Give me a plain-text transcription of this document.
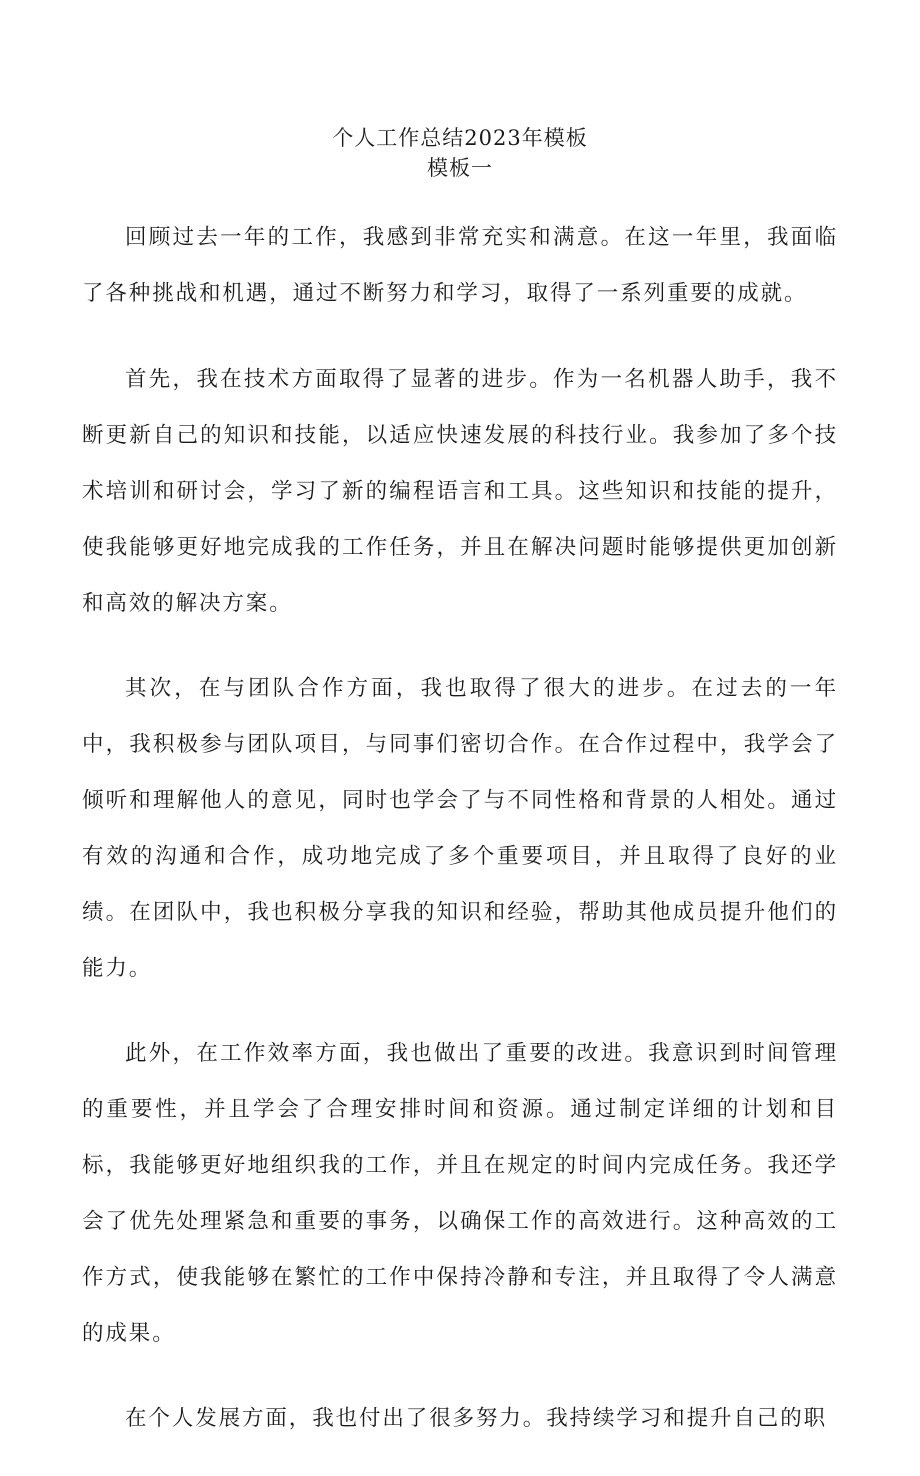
个人工作总结2023年模板
模板一

回顾过去一年的工作，我感到非常充实和满意。在这一年里，我面临了各种挑战和机遇，通过不断努力和学习，取得了一系列重要的成就。

首先，我在技术方面取得了显著的进步。作为一名机器人助手，我不断更新自己的知识和技能，以适应快速发展的科技行业。我参加了多个技术培训和研讨会，学习了新的编程语言和工具。这些知识和技能的提升，使我能够更好地完成我的工作任务，并且在解决问题时能够提供更加创新和高效的解决方案。

其次，在与团队合作方面，我也取得了很大的进步。在过去的一年中，我积极参与团队项目，与同事们密切合作。在合作过程中，我学会了倾听和理解他人的意见，同时也学会了与不同性格和背景的人相处。通过有效的沟通和合作，成功地完成了多个重要项目，并且取得了良好的业绩。在团队中，我也积极分享我的知识和经验，帮助其他成员提升他们的能力。

此外，在工作效率方面，我也做出了重要的改进。我意识到时间管理的重要性，并且学会了合理安排时间和资源。通过制定详细的计划和目标，我能够更好地组织我的工作，并且在规定的时间内完成任务。我还学会了优先处理紧急和重要的事务，以确保工作的高效进行。这种高效的工作方式，使我能够在繁忙的工作中保持冷静和专注，并且取得了令人满意的成果。

在个人发展方面，我也付出了很多努力。我持续学习和提升自己的职
